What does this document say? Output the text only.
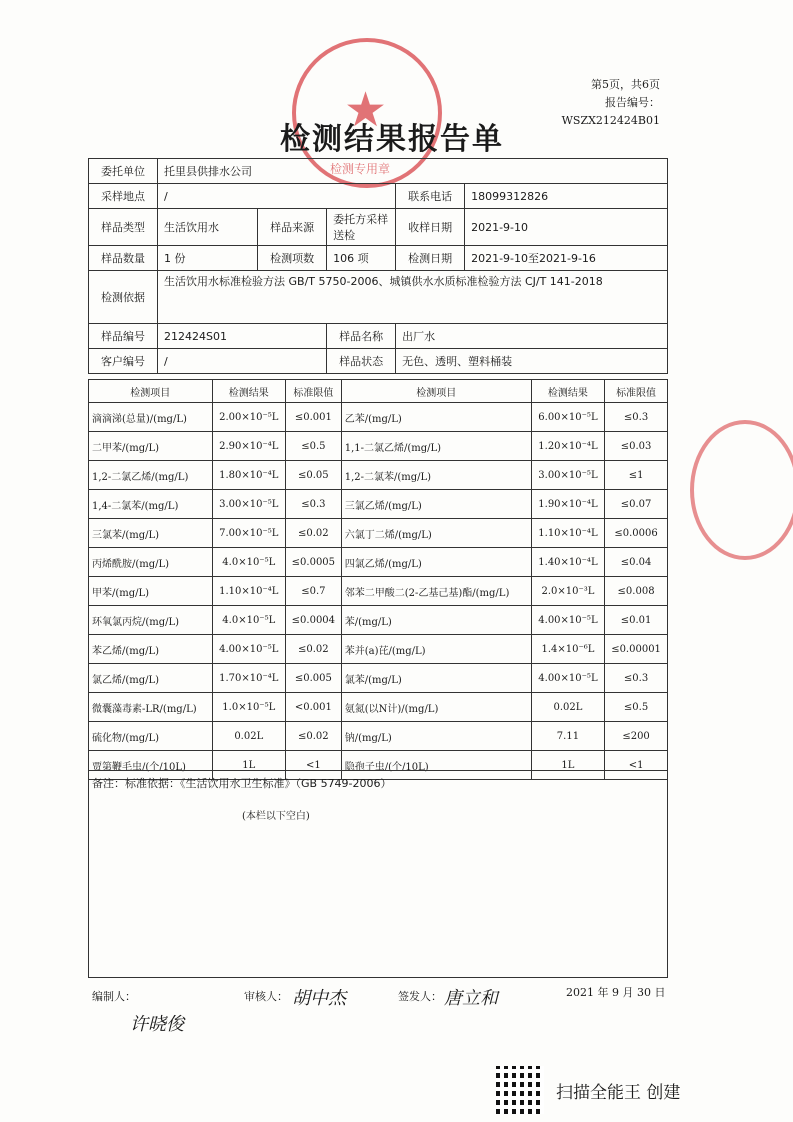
第5页，共6页
报告编号：WSZX212424B01
★
检测专用章
检测结果报告单
委托单位	托里县供排水公司				
采样地点	/			联系电话	18099312826
样品类型	生活饮用水	样品来源	委托方采样送检	收样日期	2021-9-10
样品数量	1 份	检测项数	106 项	检测日期	2021-9-10至2021-9-16
检测依据	生活饮用水标准检验方法 GB/T 5750-2006、城镇供水水质标准检验方法 CJ/T 141-2018				
样品编号	212424S01		样品名称	出厂水	
客户编号	/		样品状态	无色、透明、塑料桶装	
检测项目	检测结果	标准限值	检测项目	检测结果	标准限值
滴滴涕(总量)/(mg/L)	2.00×10⁻⁵L	≤0.001	乙苯/(mg/L)	6.00×10⁻⁵L	≤0.3
二甲苯/(mg/L)	2.90×10⁻⁴L	≤0.5	1,1-二氯乙烯/(mg/L)	1.20×10⁻⁴L	≤0.03
1,2-二氯乙烯/(mg/L)	1.80×10⁻⁴L	≤0.05	1,2-二氯苯/(mg/L)	3.00×10⁻⁵L	≤1
1,4-二氯苯/(mg/L)	3.00×10⁻⁵L	≤0.3	三氯乙烯/(mg/L)	1.90×10⁻⁴L	≤0.07
三氯苯/(mg/L)	7.00×10⁻⁵L	≤0.02	六氯丁二烯/(mg/L)	1.10×10⁻⁴L	≤0.0006
丙烯酰胺/(mg/L)	4.0×10⁻⁵L	≤0.0005	四氯乙烯/(mg/L)	1.40×10⁻⁴L	≤0.04
甲苯/(mg/L)	1.10×10⁻⁴L	≤0.7	邻苯二甲酸二(2-乙基己基)酯/(mg/L)	2.0×10⁻³L	≤0.008
环氧氯丙烷/(mg/L)	4.0×10⁻⁵L	≤0.0004	苯/(mg/L)	4.00×10⁻⁵L	≤0.01
苯乙烯/(mg/L)	4.00×10⁻⁵L	≤0.02	苯并(a)芘/(mg/L)	1.4×10⁻⁶L	≤0.00001
氯乙烯/(mg/L)	1.70×10⁻⁴L	≤0.005	氯苯/(mg/L)	4.00×10⁻⁵L	≤0.3
微囊藻毒素-LR/(mg/L)	1.0×10⁻⁵L	<0.001	氨氮(以N计)/(mg/L)	0.02L	≤0.5
硫化物/(mg/L)	0.02L	≤0.02	钠/(mg/L)	7.11	≤200
贾第鞭毛虫/(个/10L)	1L	<1	隐孢子虫/(个/10L)	1L	<1
备注：标准依据：《生活饮用水卫生标准》（GB 5749-2006）
(本栏以下空白)
编制人：
许晓俊
审核人： 胡中杰	签发人： 唐立和	2021 年 9 月 30 日
扫描全能王 创建
